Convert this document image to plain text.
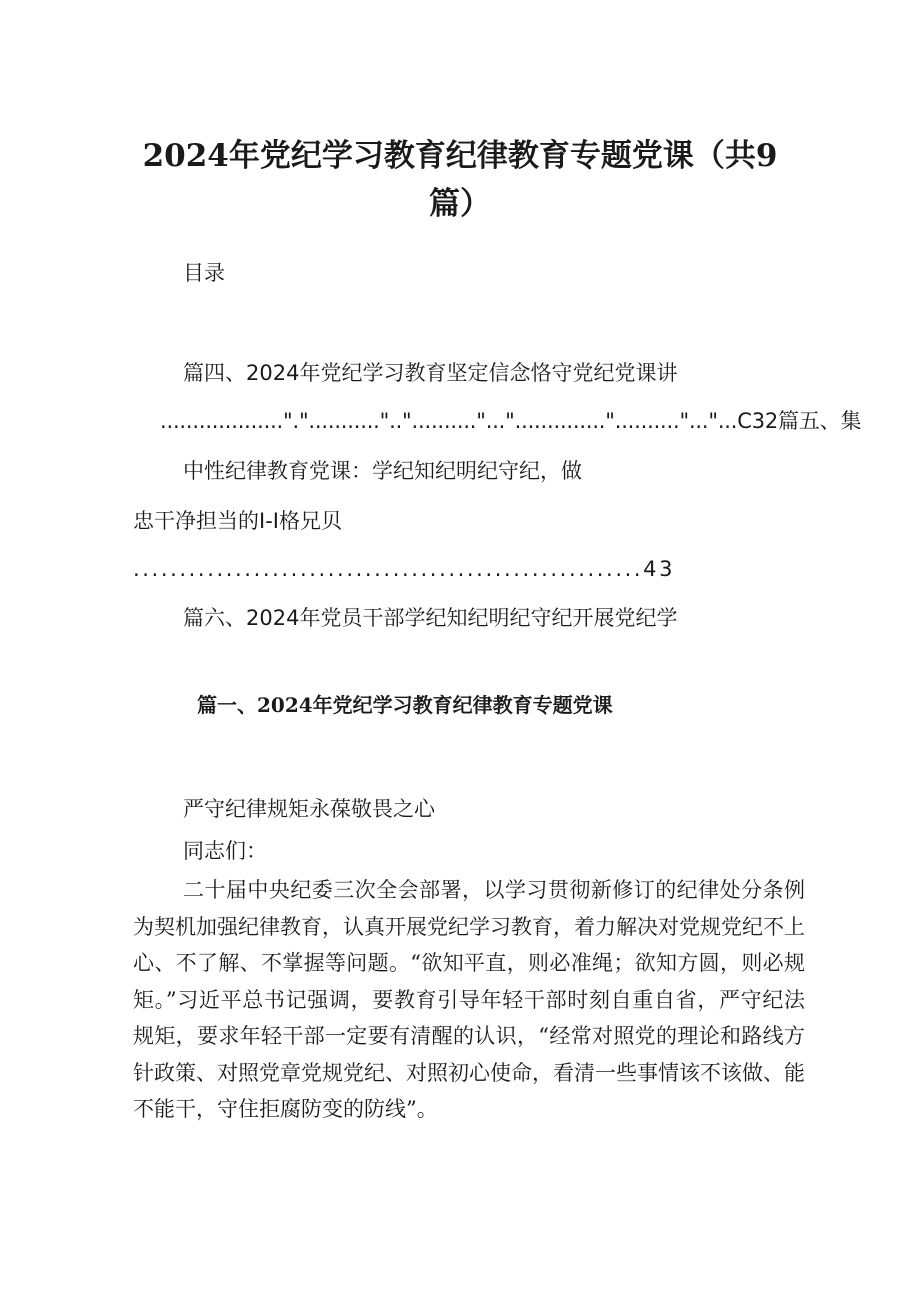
2024年党纪学习教育纪律教育专题党课（共9篇）
目录
篇四、2024年党纪学习教育坚定信念恪守党纪党课讲
..................."."..........."..".........."..."..............".........."..."...C32篇五、集
中性纪律教育党课：学纪知纪明纪守纪，做
忠干净担当的I-I格兄贝
.......................................................43
篇六、2024年党员干部学纪知纪明纪守纪开展党纪学
篇一、2024年党纪学习教育纪律教育专题党课
严守纪律规矩永葆敬畏之心
同志们：

二十届中央纪委三次全会部署，以学习贯彻新修订的纪律处分条例为契机加强纪律教育，认真开展党纪学习教育，着力解决对党规党纪不上心、不了解、不掌握等问题。“欲知平直，则必准绳；欲知方圆，则必规矩。”习近平总书记强调，要教育引导年轻干部时刻自重自省，严守纪法规矩，要求年轻干部一定要有清醒的认识，“经常对照党的理论和路线方针政策、对照党章党规党纪、对照初心使命，看清一些事情该不该做、能不能干，守住拒腐防变的防线”。
